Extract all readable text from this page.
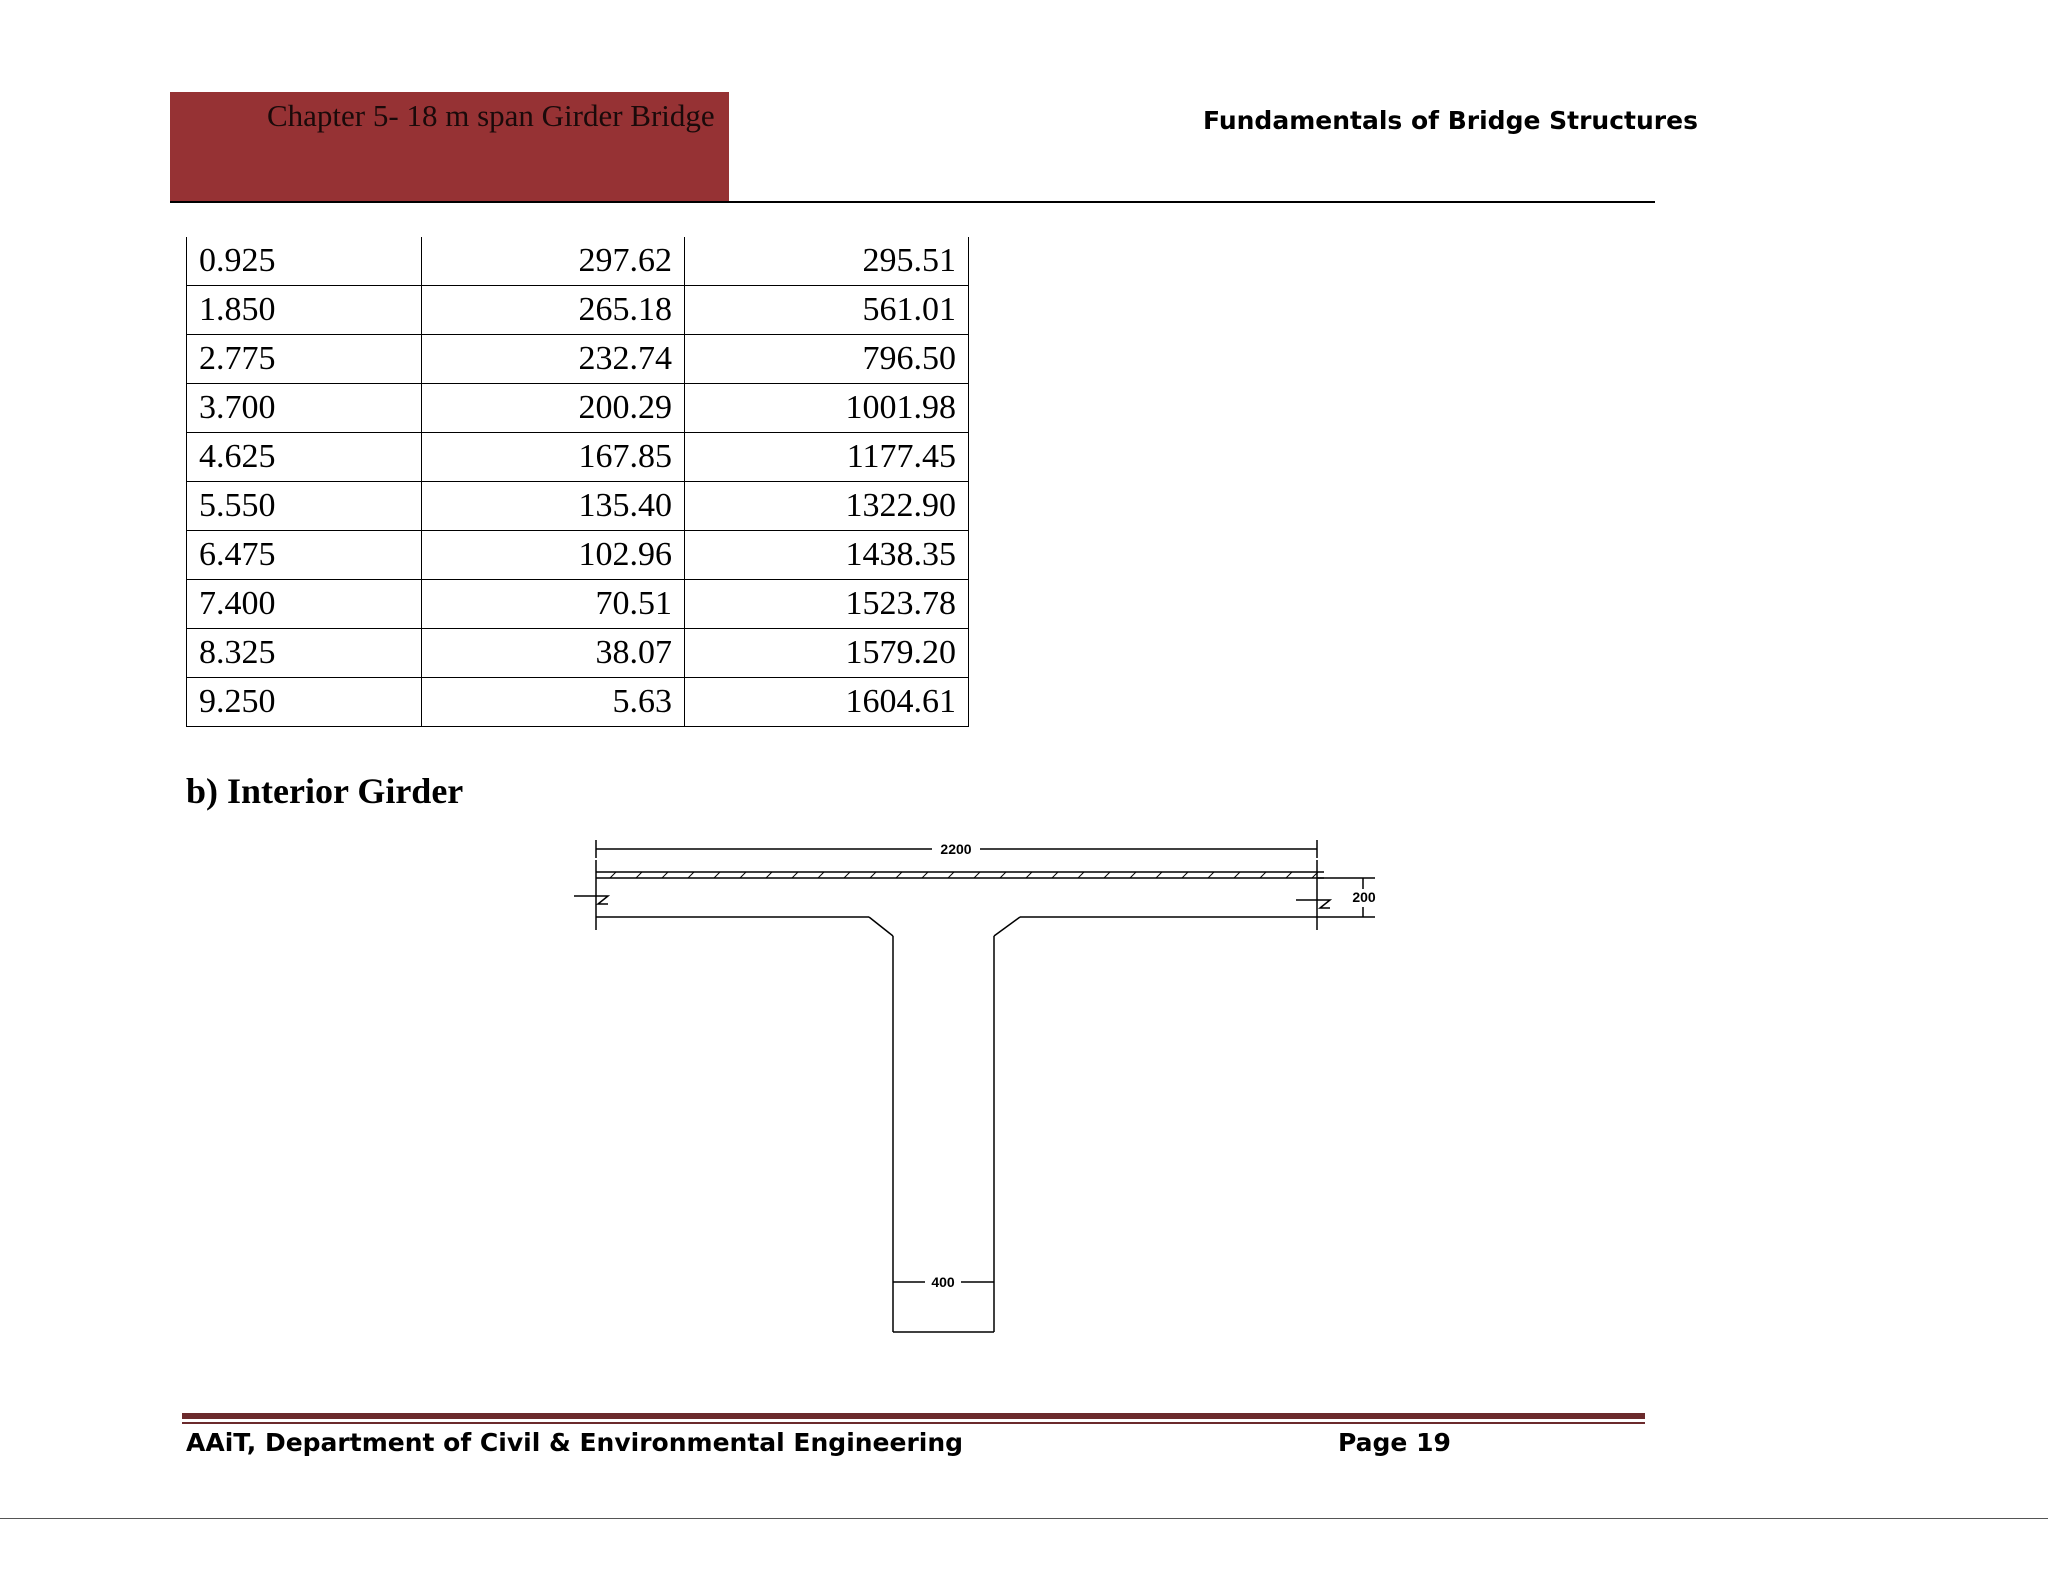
Chapter 5- 18 m span Girder Bridge	Fundamentals of Bridge Structures
0.925	297.62	295.51
1.850	265.18	561.01
2.775	232.74	796.50
3.700	200.29	1001.98
4.625	167.85	1177.45
5.550	135.40	1322.90
6.475	102.96	1438.35
7.400	70.51	1523.78
8.325	38.07	1579.20
9.250	5.63	1604.61
b) Interior Girder
2200
400
200
AAiT, Department of Civil & Environmental Engineering	Page 19
